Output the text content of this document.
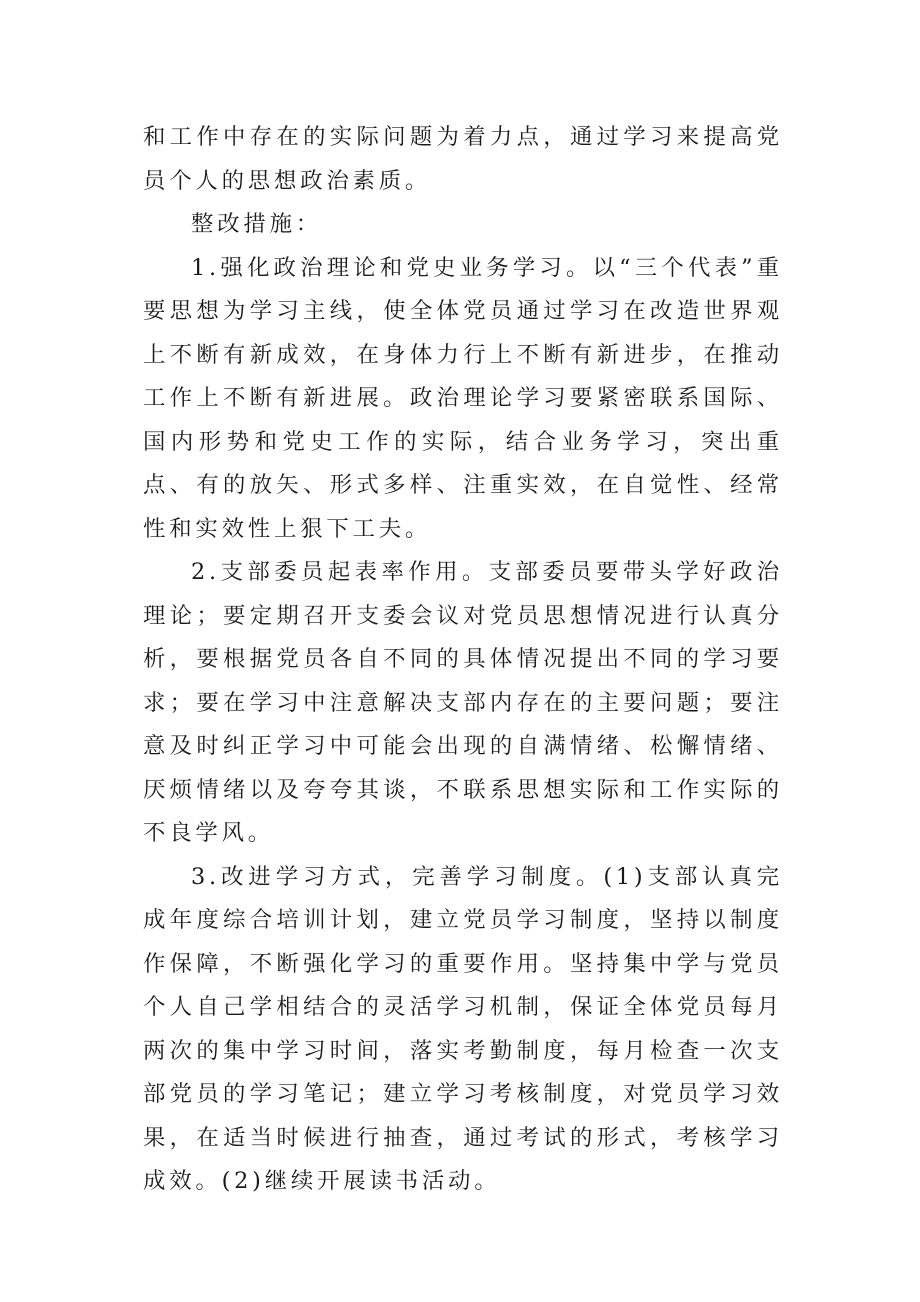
和工作中存在的实际问题为着力点，通过学习来提高党员个人的思想政治素质。

整改措施：

1.强化政治理论和党史业务学习。以“三个代表”重要思想为学习主线，使全体党员通过学习在改造世界观上不断有新成效，在身体力行上不断有新进步，在推动工作上不断有新进展。政治理论学习要紧密联系国际、国内形势和党史工作的实际，结合业务学习，突出重点、有的放矢、形式多样、注重实效，在自觉性、经常性和实效性上狠下工夫。

2.支部委员起表率作用。支部委员要带头学好政治理论；要定期召开支委会议对党员思想情况进行认真分析，要根据党员各自不同的具体情况提出不同的学习要求；要在学习中注意解决支部内存在的主要问题；要注意及时纠正学习中可能会出现的自满情绪、松懈情绪、厌烦情绪以及夸夸其谈，不联系思想实际和工作实际的不良学风。

3.改进学习方式，完善学习制度。(1)支部认真完成年度综合培训计划，建立党员学习制度，坚持以制度作保障，不断强化学习的重要作用。坚持集中学与党员个人自己学相结合的灵活学习机制，保证全体党员每月两次的集中学习时间，落实考勤制度，每月检查一次支部党员的学习笔记；建立学习考核制度，对党员学习效果，在适当时候进行抽查，通过考试的形式，考核学习成效。(2)继续开展读书活动。
